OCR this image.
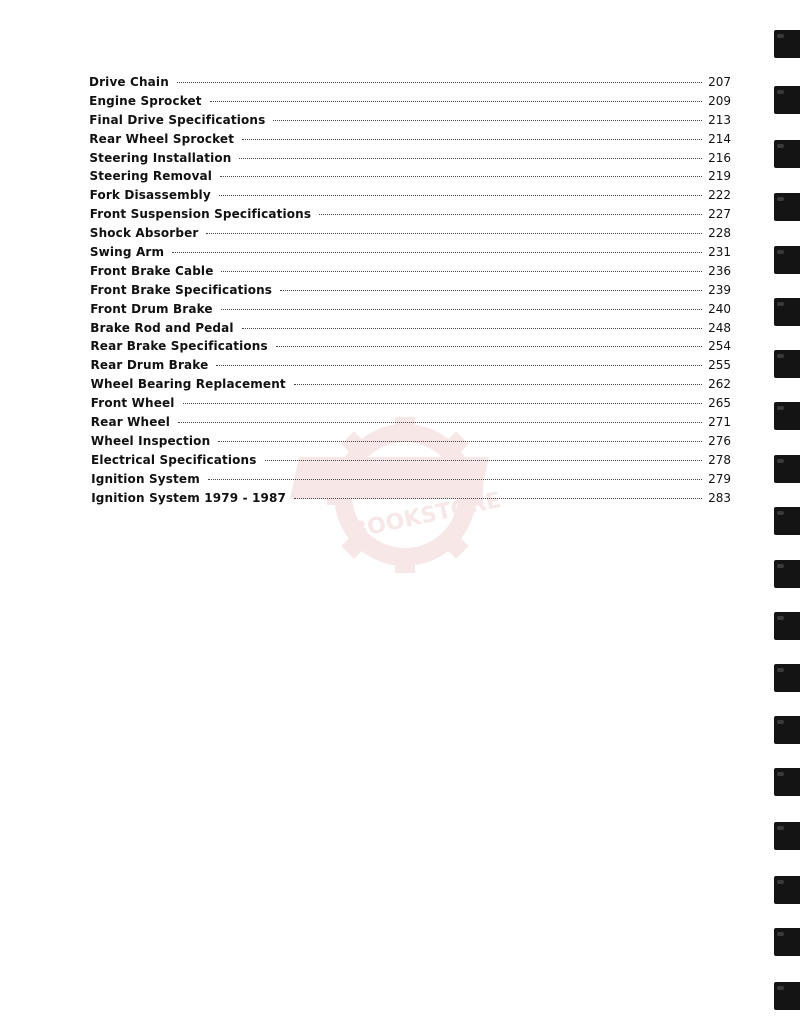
BOOKSTORE
Drive Chain	207
Engine Sprocket	209
Final Drive Specifications	213
Rear Wheel Sprocket	214
Steering Installation	216
Steering Removal	219
Fork Disassembly	222
Front Suspension Specifications	227
Shock Absorber	228
Swing Arm	231
Front Brake Cable	236
Front Brake Specifications	239
Front Drum Brake	240
Brake Rod and Pedal	248
Rear Brake Specifications	254
Rear Drum Brake	255
Wheel Bearing Replacement	262
Front Wheel	265
Rear Wheel	271
Wheel Inspection	276
Electrical Specifications	278
Ignition System	279
Ignition System 1979 - 1987	283
